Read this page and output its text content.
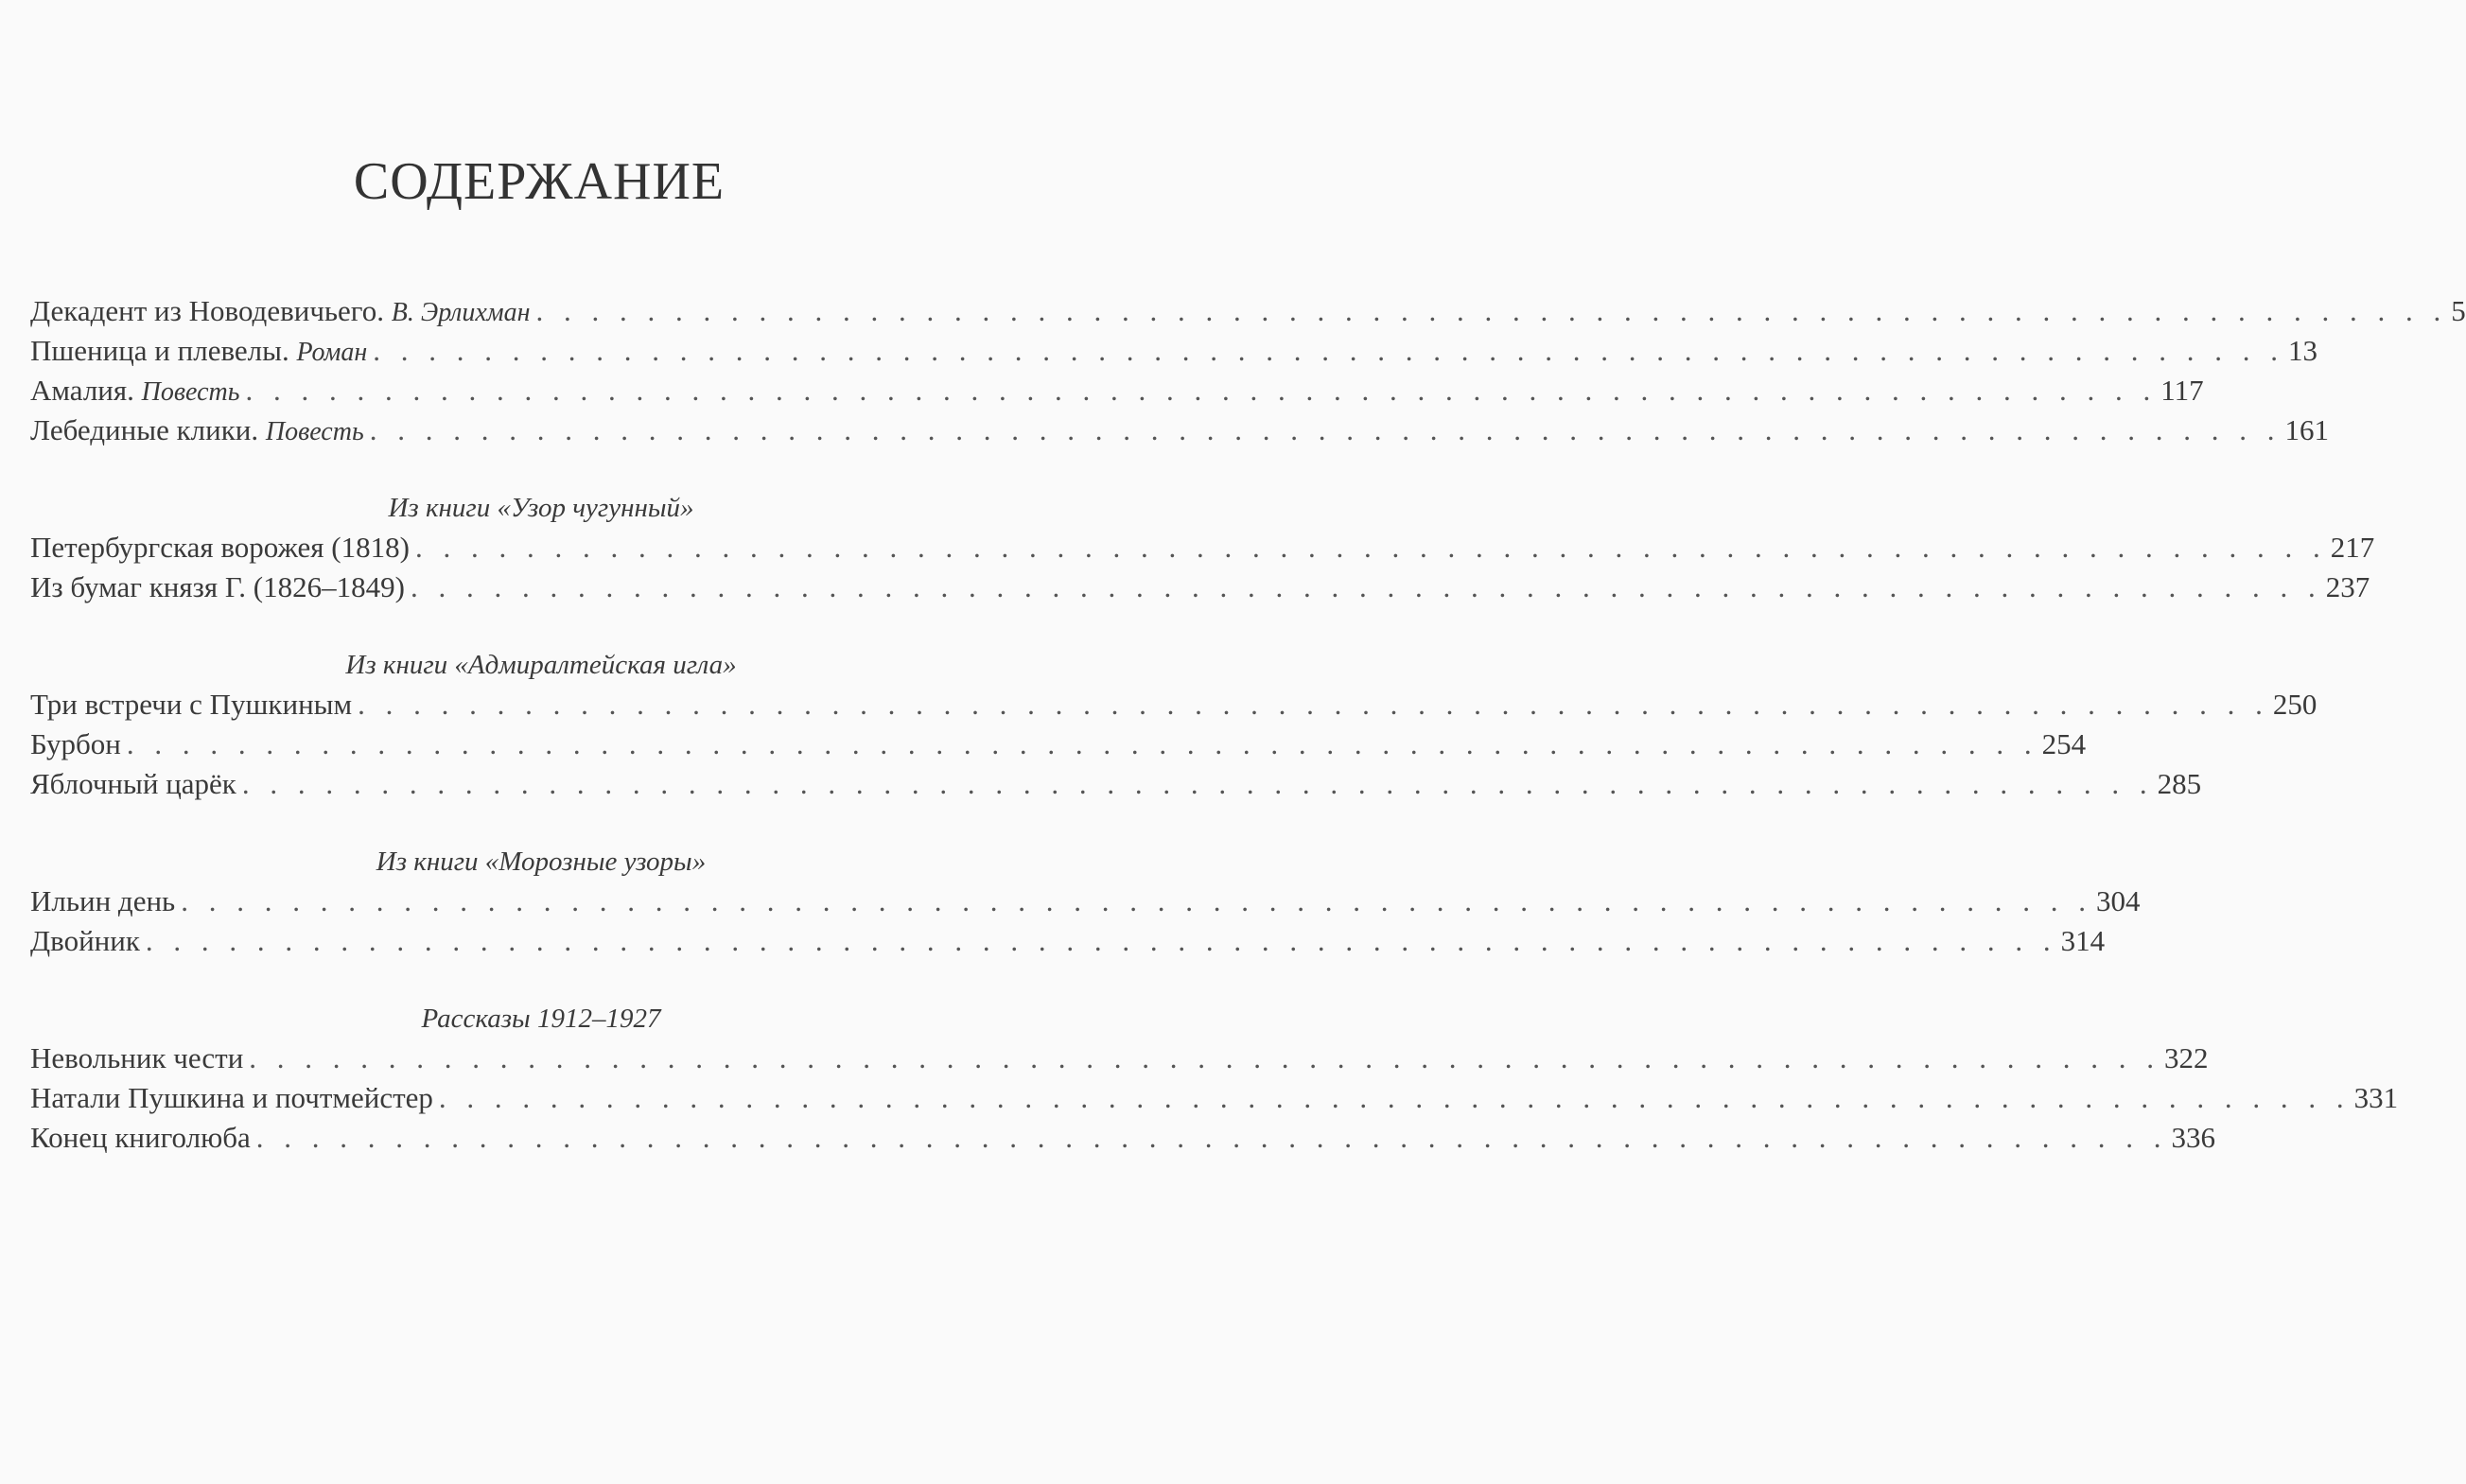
СОДЕРЖАНИЕ
Декадент из Новодевичьего. В. Эрлихман . . . . . . . . . . . . . . . . . . . . . . . . . . . . . . . . . . . . . . . . . . . . . . . . . . . . . . . . . . . . . . . . . . . . . 5
Пшеница и плевелы. Роман . . . . . . . . . . . . . . . . . . . . . . . . . . . . . . . . . . . . . . . . . . . . . . . . . . . . . . . . . . . . . . . . . . . . . 13
Амалия. Повесть . . . . . . . . . . . . . . . . . . . . . . . . . . . . . . . . . . . . . . . . . . . . . . . . . . . . . . . . . . . . . . . . . . . . . 117
Лебединые клики. Повесть . . . . . . . . . . . . . . . . . . . . . . . . . . . . . . . . . . . . . . . . . . . . . . . . . . . . . . . . . . . . . . . . . . . . . 161
Из книги «Узор чугунный»
Петербургская ворожея (1818) . . . . . . . . . . . . . . . . . . . . . . . . . . . . . . . . . . . . . . . . . . . . . . . . . . . . . . . . . . . . . . . . . . . . . 217
Из бумаг князя Г. (1826–1849) . . . . . . . . . . . . . . . . . . . . . . . . . . . . . . . . . . . . . . . . . . . . . . . . . . . . . . . . . . . . . . . . . . . . . 237
Из книги «Адмиралтейская игла»
Три встречи с Пушкиным . . . . . . . . . . . . . . . . . . . . . . . . . . . . . . . . . . . . . . . . . . . . . . . . . . . . . . . . . . . . . . . . . . . . . 250
Бурбон . . . . . . . . . . . . . . . . . . . . . . . . . . . . . . . . . . . . . . . . . . . . . . . . . . . . . . . . . . . . . . . . . . . . . 254
Яблочный царёк . . . . . . . . . . . . . . . . . . . . . . . . . . . . . . . . . . . . . . . . . . . . . . . . . . . . . . . . . . . . . . . . . . . . . 285
Из книги «Морозные узоры»
Ильин день . . . . . . . . . . . . . . . . . . . . . . . . . . . . . . . . . . . . . . . . . . . . . . . . . . . . . . . . . . . . . . . . . . . . . 304
Двойник . . . . . . . . . . . . . . . . . . . . . . . . . . . . . . . . . . . . . . . . . . . . . . . . . . . . . . . . . . . . . . . . . . . . . 314
Рассказы 1912–1927
Невольник чести . . . . . . . . . . . . . . . . . . . . . . . . . . . . . . . . . . . . . . . . . . . . . . . . . . . . . . . . . . . . . . . . . . . . . 322
Натали Пушкина и почтмейстер . . . . . . . . . . . . . . . . . . . . . . . . . . . . . . . . . . . . . . . . . . . . . . . . . . . . . . . . . . . . . . . . . . . . . 331
Конец книголюба . . . . . . . . . . . . . . . . . . . . . . . . . . . . . . . . . . . . . . . . . . . . . . . . . . . . . . . . . . . . . . . . . . . . . 336
